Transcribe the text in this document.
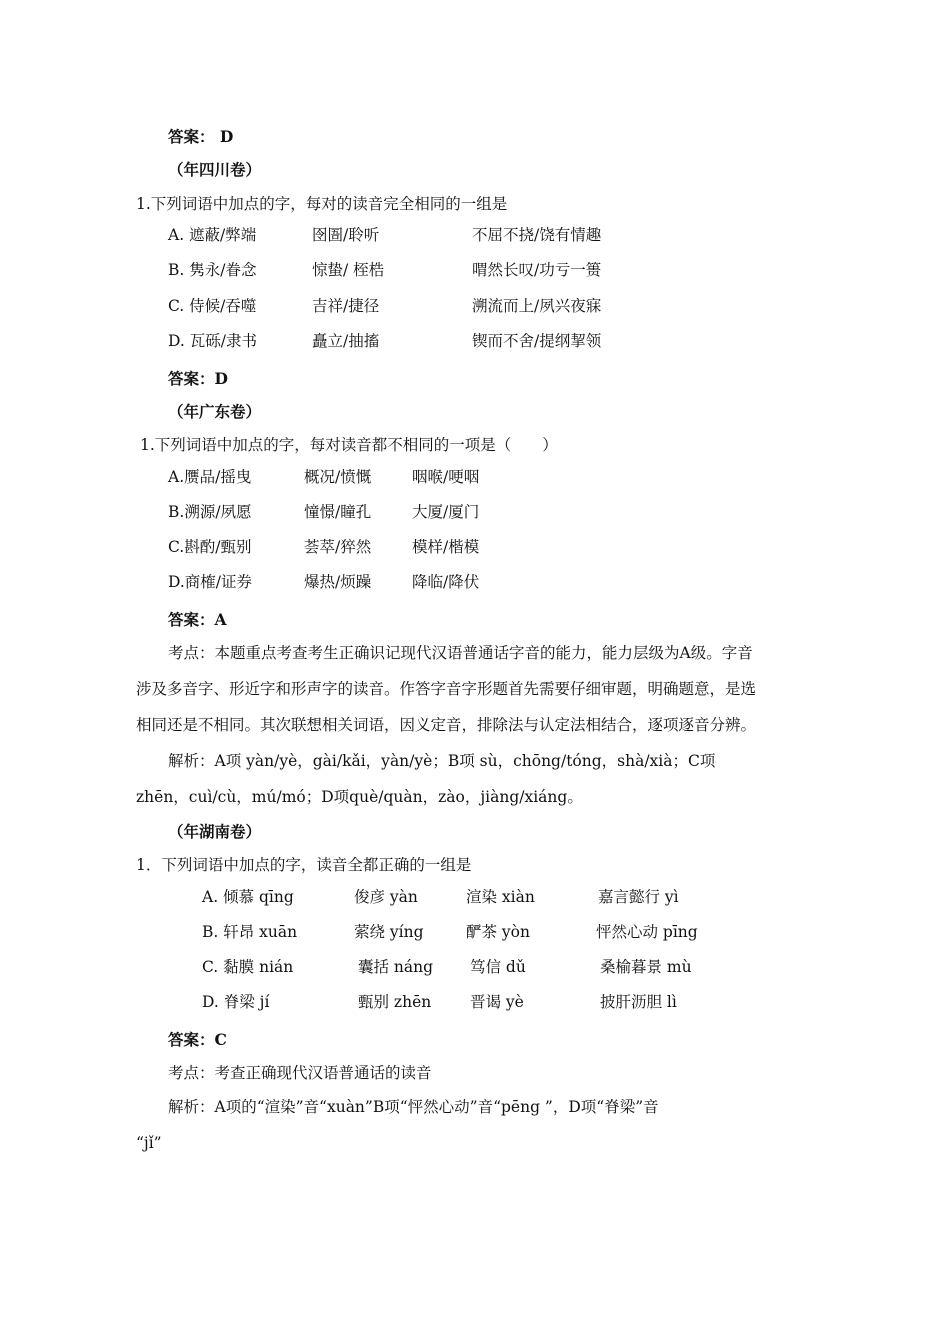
答案： D
（年四川卷）
1.下列词语中加点的字，每对的读音完全相同的一组是
A. 遮蔽/弊端	囹圄/聆听	不屈不挠/饶有情趣
B. 隽永/眷念	惊蛰/ 桎梏	喟然长叹/功亏一篑
C. 侍候/吞噬	吉祥/捷径	溯流而上/夙兴夜寐
D. 瓦砾/隶书	矗立/抽搐	锲而不舍/提纲挈领
答案：D
（年广东卷）
1.下列词语中加点的字，每对读音都不相同的一项是（　　）
A.赝品/摇曳	概况/愤慨	咽喉/哽咽
B.溯源/夙愿	憧憬/瞳孔	大厦/厦门
C.斟酌/甄别	荟萃/猝然	模样/楷模
D.商榷/证券	爆热/烦躁	降临/降伏
答案：A
考点：本题重点考查考生正确识记现代汉语普通话字音的能力，能力层级为A级。字音
涉及多音字、形近字和形声字的读音。作答字音字形题首先需要仔细审题，明确题意，是选
相同还是不相同。其次联想相关词语，因义定音，排除法与认定法相结合，逐项逐音分辨。
解析：A项 yàn/yè，gài/kǎi，yàn/yè；B项 sù，chōng/tóng，shà/xià；C项
zhēn，cuì/cù，mú/mó；D项què/quàn，zào，jiàng/xiáng。
（年湖南卷）
1．下列词语中加点的字，读音全都正确的一组是
A. 倾慕 qīng	俊彦 yàn	渲染 xiàn	嘉言懿行 yì
B. 轩昂 xuān	萦绕 yíng	酽茶 yòn	怦然心动 pīng
C. 黏膜 nián	囊括 náng 笃信 dǔ	桑榆暮景 mù
D. 脊梁 jí	甄别 zhēn	晋谒 yè	披肝沥胆 lì
答案：C
考点：考查正确现代汉语普通话的读音
解析：A项的“渲染”音“xuàn”B项“怦然心动”音“pēng ”，D项“脊梁”音
“jǐ”
